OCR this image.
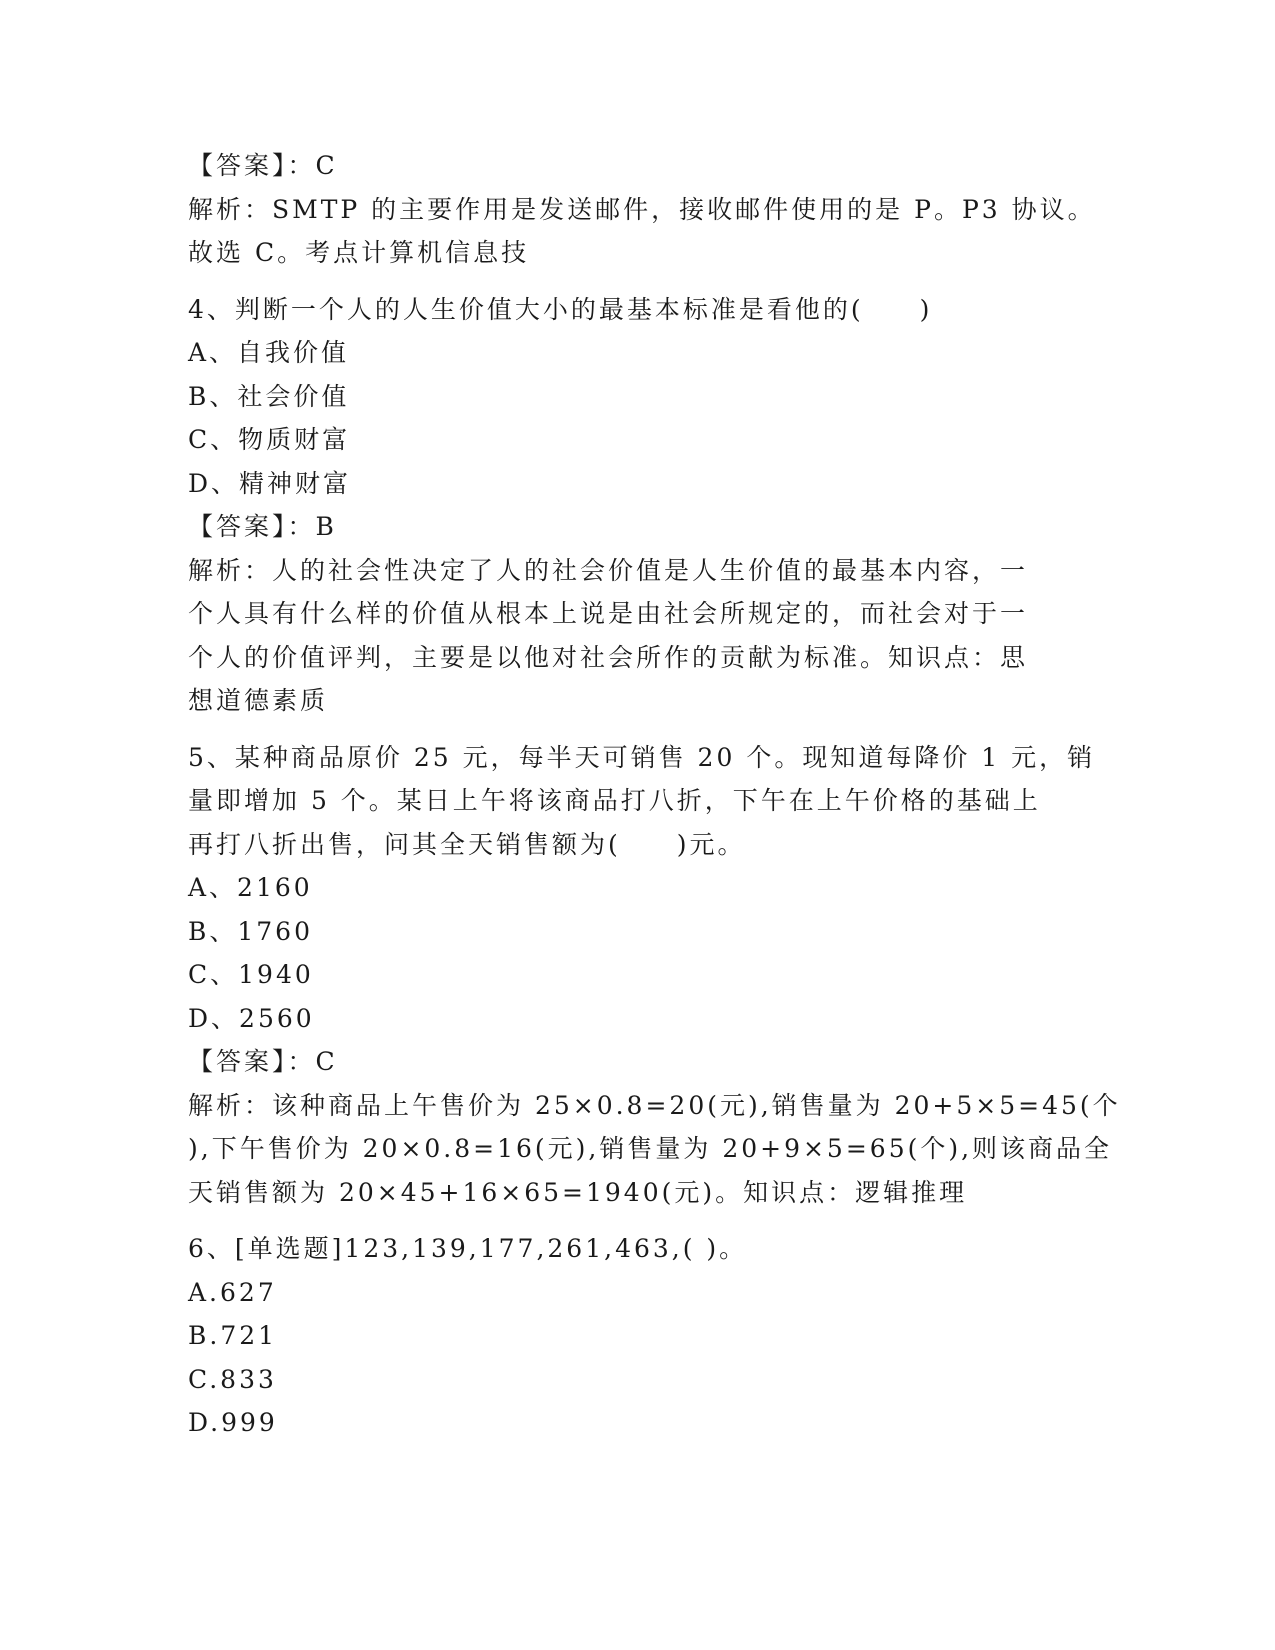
【答案】：C
解析：SMTP 的主要作用是发送邮件，接收邮件使用的是 P。P3 协议。
故选 C。考点计算机信息技
4、判断一个人的人生价值大小的最基本标准是看他的(　　)
A、自我价值
B、社会价值
C、物质财富
D、精神财富
【答案】：B
解析：人的社会性决定了人的社会价值是人生价值的最基本内容，一
个人具有什么样的价值从根本上说是由社会所规定的，而社会对于一
个人的价值评判，主要是以他对社会所作的贡献为标准。知识点：思
想道德素质
5、某种商品原价 25 元，每半天可销售 20 个。现知道每降价 1 元，销
量即增加 5 个。某日上午将该商品打八折，下午在上午价格的基础上
再打八折出售，问其全天销售额为(　　)元。
A、2160
B、1760
C、1940
D、2560
【答案】：C
解析：该种商品上午售价为 25×0.8=20(元),销售量为 20+5×5=45(个
),下午售价为 20×0.8=16(元),销售量为 20+9×5=65(个),则该商品全
天销售额为 20×45+16×65=1940(元)。知识点：逻辑推理
6、[单选题]123,139,177,261,463,( )。
A.627
B.721
C.833
D.999
